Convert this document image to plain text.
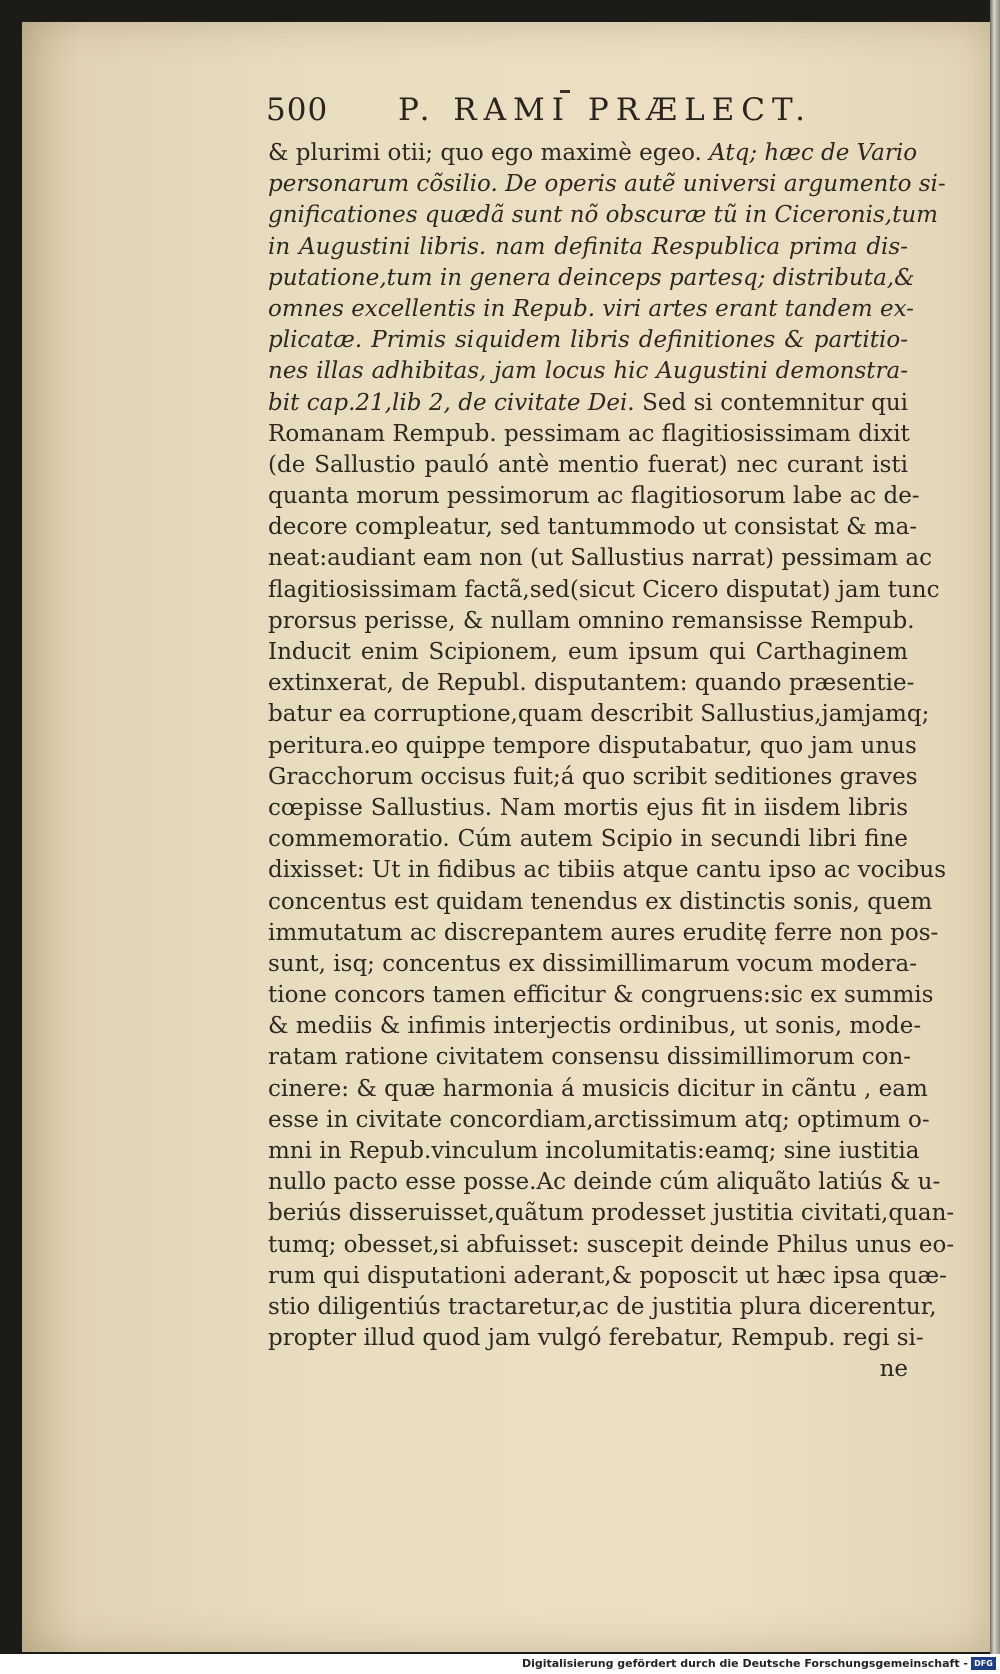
500 P. RAMI PRÆLECT.
& plurimi otii; quo ego maximè egeo. Atq; hæc de Vario
personarum cõsilio. De operis autẽ universi argumento si-
gnificationes quædã sunt nõ obscuræ tũ in Ciceronis,tum
in Augustini libris. nam definita Respublica prima dis-
putatione,tum in genera deinceps partesq; distributa,&
omnes excellentis in Repub. viri artes erant tandem ex-
plicatæ. Primis siquidem libris definitiones & partitio-
nes illas adhibitas, jam locus hic Augustini demonstra-
bit cap.21,lib 2, de civitate Dei. Sed si contemnitur qui
Romanam Rempub. pessimam ac flagitiosissimam dixit
(de Sallustio pauló antè mentio fuerat) nec curant isti
quanta morum pessimorum ac flagitiosorum labe ac de-
decore compleatur, sed tantummodo ut consistat & ma-
neat:audiant eam non (ut Sallustius narrat) pessimam ac
flagitiosissimam factã,sed(sicut Cicero disputat) jam tunc
prorsus perisse, & nullam omnino remansisse Rempub.
Inducit enim Scipionem, eum ipsum qui Carthaginem
extinxerat, de Republ. disputantem: quando præsentie-
batur ea corruptione,quam describit Sallustius,jamjamq;
peritura.eo quippe tempore disputabatur, quo jam unus
Gracchorum occisus fuit;á quo scribit seditiones graves
cœpisse Sallustius. Nam mortis ejus fit in iisdem libris
commemoratio. Cúm autem Scipio in secundi libri fine
dixisset: Ut in fidibus ac tibiis atque cantu ipso ac vocibus
concentus est quidam tenendus ex distinctis sonis, quem
immutatum ac discrepantem aures eruditę ferre non pos-
sunt, isq; concentus ex dissimillimarum vocum modera-
tione concors tamen efficitur & congruens:sic ex summis
& mediis & infimis interjectis ordinibus, ut sonis, mode-
ratam ratione civitatem consensu dissimillimorum con-
cinere: & quæ harmonia á musicis dicitur in cãntu , eam
esse in civitate concordiam,arctissimum atq; optimum o-
mni in Repub.vinculum incolumitatis:eamq; sine iustitia
nullo pacto esse posse.Ac deinde cúm aliquãto latiús & u-
beriús disseruisset,quãtum prodesset justitia civitati,quan-
tumq; obesset,si abfuisset: suscepit deinde Philus unus eo-
rum qui disputationi aderant,& poposcit ut hæc ipsa quæ-
stio diligentiús tractaretur,ac de justitia plura dicerentur,
propter illud quod jam vulgó ferebatur, Rempub. regi si-
ne
Digitalisierung gefördert durch die Deutsche Forschungsgemeinschaft - DFG
